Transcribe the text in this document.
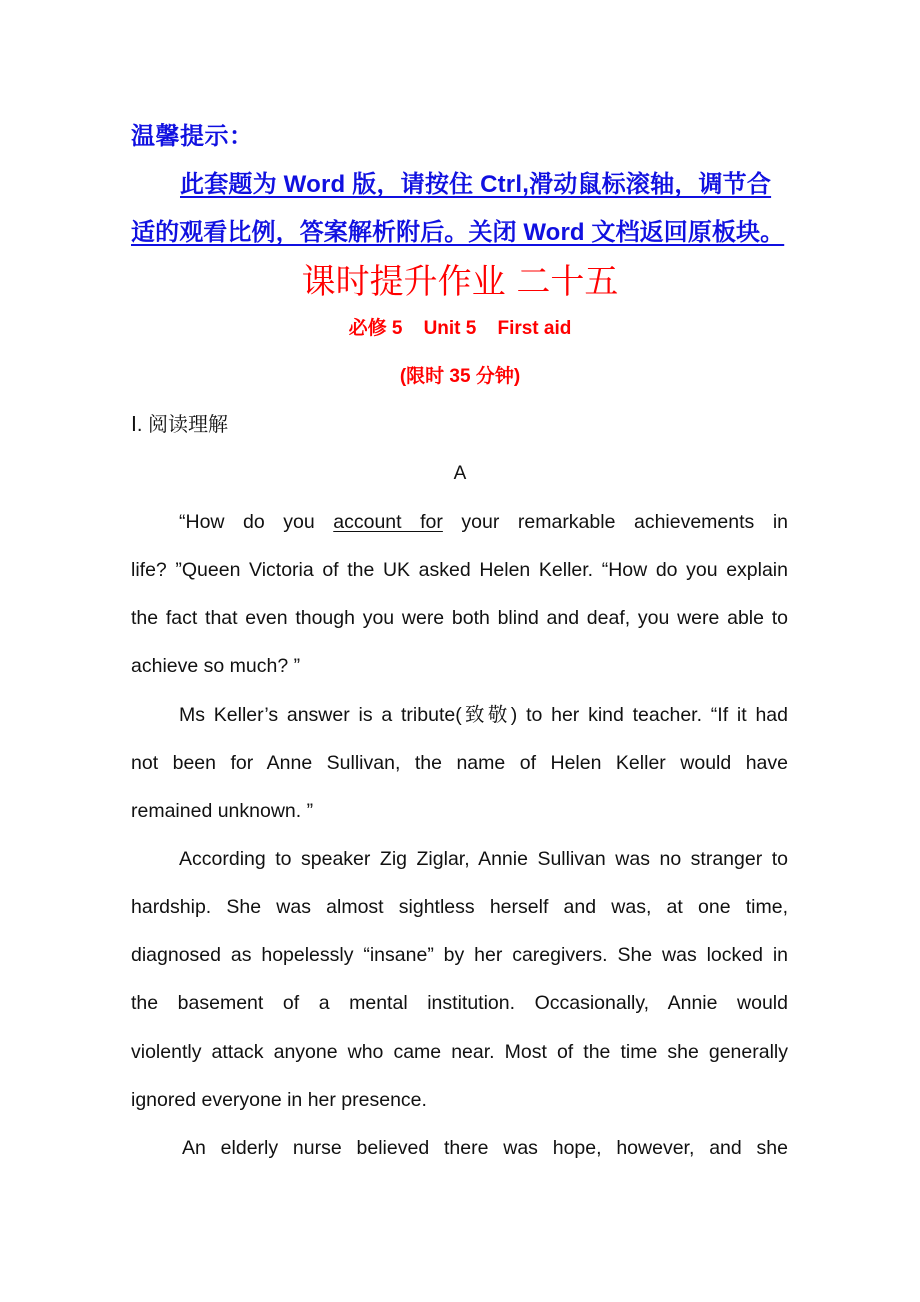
温馨提示：
此套题为 Word 版，请按住 Ctrl,滑动鼠标滚轴，调节合
适的观看比例，答案解析附后。关闭 Word 文档返回原板块。
课时提升作业 二十五
必修 5    Unit 5    First aid
(限时 35 分钟)
Ⅰ. 阅读理解
A
“How do you account for your remarkable achievements in
life? ”Queen Victoria of the UK asked Helen Keller. “How do you explain
the fact that even though you were both blind and deaf, you were able to
achieve so much? ”
Ms Keller’s answer is a tribute(致敬) to her kind teacher. “If it had
not been for Anne Sullivan, the name of Helen Keller would have
remained unknown. ”
According to speaker Zig Ziglar, Annie Sullivan was no stranger to
hardship. She was almost sightless herself and was, at one time,
diagnosed as hopelessly “insane” by her caregivers. She was locked in
the basement of a mental institution. Occasionally, Annie would
violently attack anyone who came near. Most of the time she generally
ignored everyone in her presence.
An elderly nurse believed there was hope, however, and she
